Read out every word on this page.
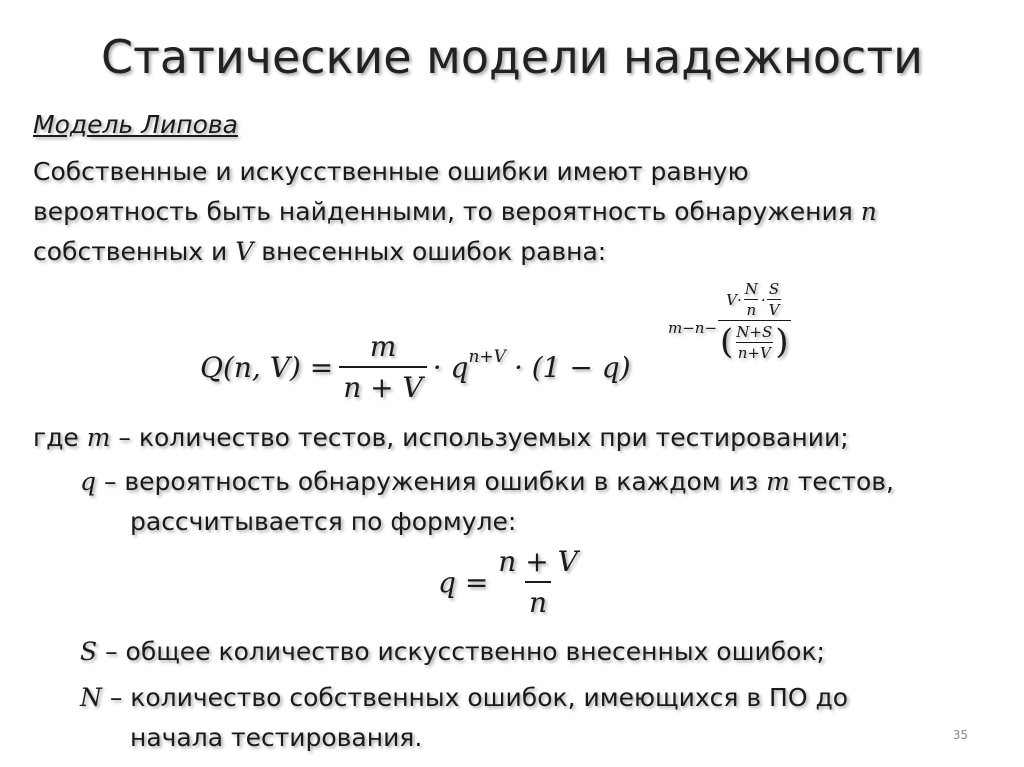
Статические модели надежности
Модель Липова
Собственные и искусственные ошибки имеют равную
вероятность быть найденными, то вероятность обнаружения n
собственных и V внесенных ошибок равна:
Q(n, $V) = \frac{m}{n + V} \cdot q^{n+V} \cdot (1 - q)$
m−n−
$V\cdot \frac{N}{n} \cdot \frac{S}{V}$
( $\frac{N+S}{n+V}$ )
где m – количество тестов, используемых при тестировании;
q – вероятность обнаружения ошибки в каждом из m тестов,
рассчитывается по формуле:
$q = \frac{n + V}{n}$
S – общее количество искусственно внесенных ошибок;
N – количество собственных ошибок, имеющихся в ПО до
начала тестирования.	35
